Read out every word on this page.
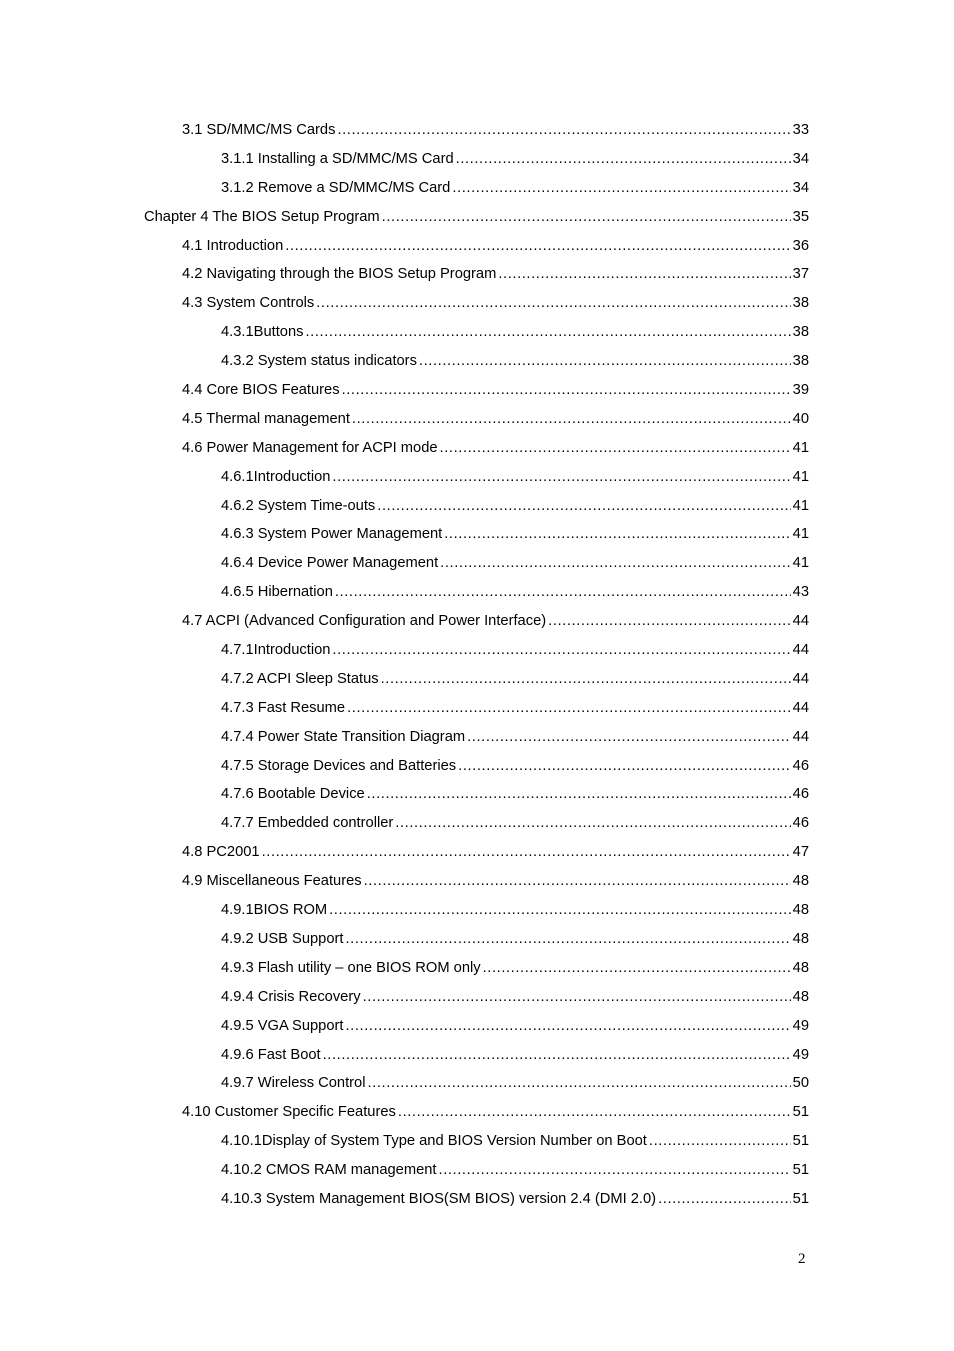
3.1 SD/MMC/MS Cards .....	33
3.1.1 Installing a SD/MMC/MS Card .....	34
3.1.2 Remove a SD/MMC/MS Card .....	34
Chapter 4 The BIOS Setup Program .....	35
4.1 Introduction .....	36
4.2 Navigating through the BIOS Setup Program .....	37
4.3 System Controls .....	38
4.3.1Buttons .....	38
4.3.2 System status indicators .....	38
4.4 Core BIOS Features .....	39
4.5 Thermal management .....	40
4.6 Power Management for ACPI mode .....	41
4.6.1Introduction .....	41
4.6.2 System Time-outs .....	41
4.6.3 System Power Management .....	41
4.6.4 Device Power Management .....	41
4.6.5 Hibernation .....	43
4.7 ACPI (Advanced Configuration and Power Interface) .....	44
4.7.1Introduction .....	44
4.7.2 ACPI Sleep Status .....	44
4.7.3 Fast Resume .....	44
4.7.4 Power State Transition Diagram .....	44
4.7.5 Storage Devices and Batteries .....	46
4.7.6 Bootable Device .....	46
4.7.7 Embedded controller .....	46
4.8 PC2001 .....	47
4.9 Miscellaneous Features .....	48
4.9.1BIOS ROM .....	48
4.9.2 USB Support .....	48
4.9.3 Flash utility – one BIOS ROM only .....	48
4.9.4 Crisis Recovery .....	48
4.9.5 VGA Support .....	49
4.9.6 Fast Boot .....	49
4.9.7 Wireless Control .....	50
4.10 Customer Specific Features .....	51
4.10.1Display of System Type and BIOS Version Number on Boot .....	51
4.10.2 CMOS RAM management .....	51
4.10.3 System Management BIOS(SM BIOS) version 2.4 (DMI 2.0) .....	51
2
